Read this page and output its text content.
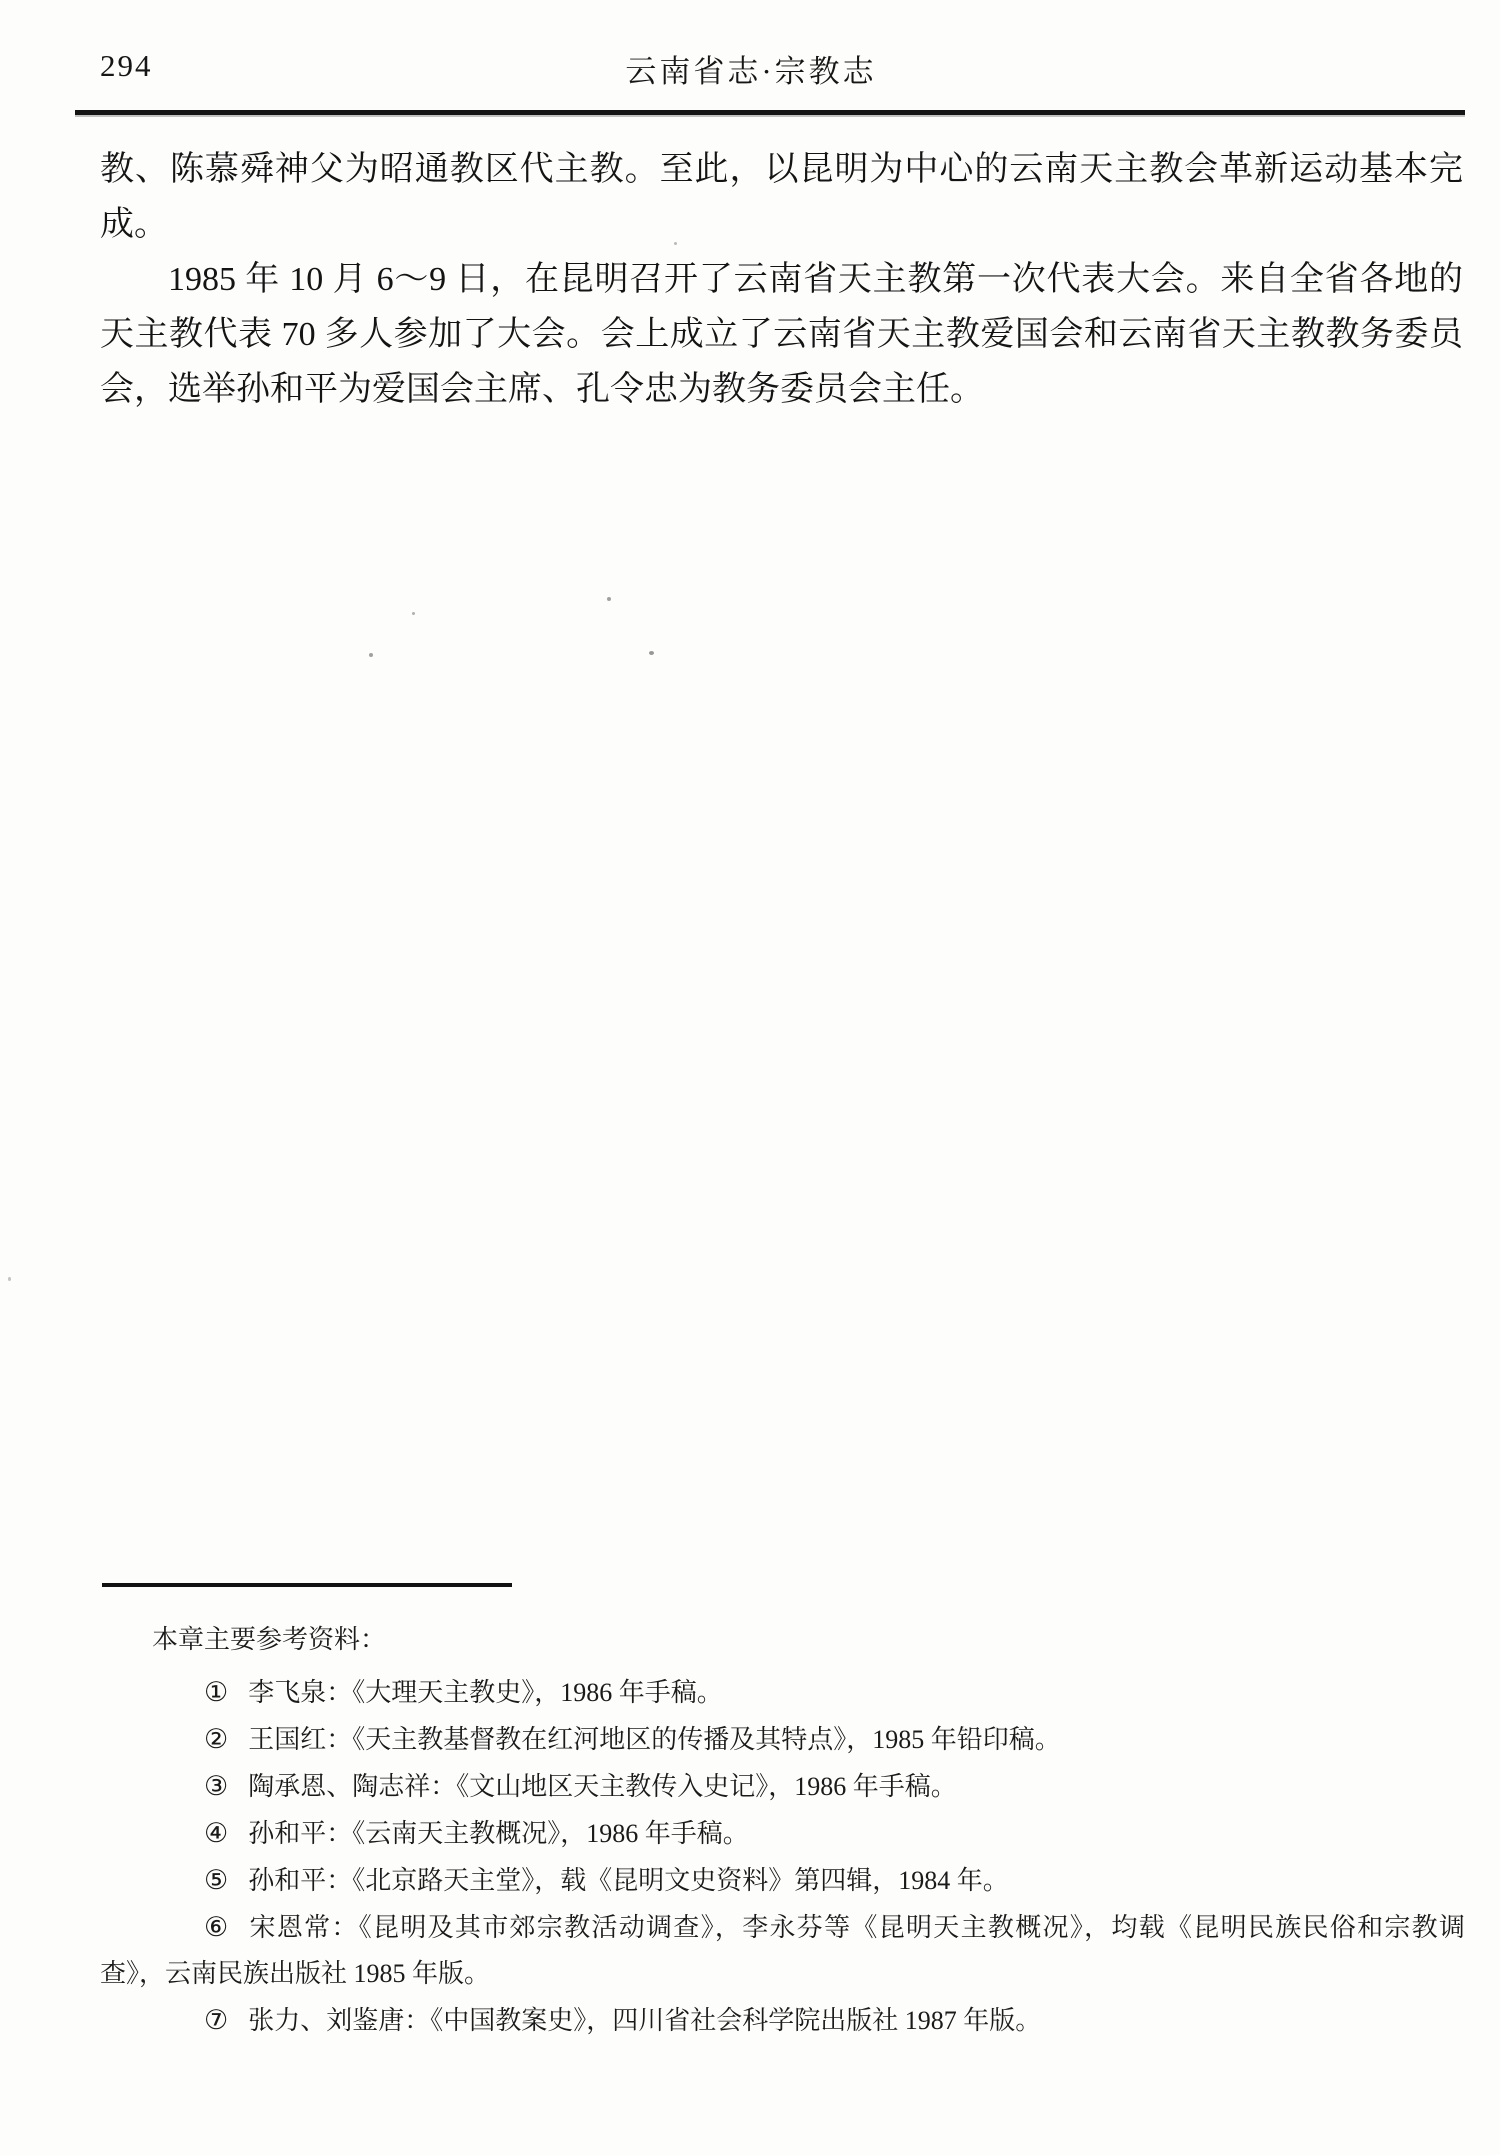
294	云南省志·宗教志

教、陈慕舜神父为昭通教区代主教。至此，以昆明为中心的云南天主教会革新运动基本完成。

1985 年 10 月 6～9 日，在昆明召开了云南省天主教第一次代表大会。来自全省各地的天主教代表 70 多人参加了大会。会上成立了云南省天主教爱国会和云南省天主教教务委员会，选举孙和平为爱国会主席、孔令忠为教务委员会主任。

本章主要参考资料：

① 李飞泉：《大理天主教史》，1986 年手稿。

② 王国红：《天主教基督教在红河地区的传播及其特点》，1985 年铅印稿。

③ 陶承恩、陶志祥：《文山地区天主教传入史记》，1986 年手稿。

④ 孙和平：《云南天主教概况》，1986 年手稿。

⑤ 孙和平：《北京路天主堂》，载《昆明文史资料》第四辑，1984 年。

⑥ 宋恩常：《昆明及其市郊宗教活动调查》，李永芬等《昆明天主教概况》，均载《昆明民族民俗和宗教调查》，云南民族出版社 1985 年版。

⑦ 张力、刘鉴唐：《中国教案史》，四川省社会科学院出版社 1987 年版。
